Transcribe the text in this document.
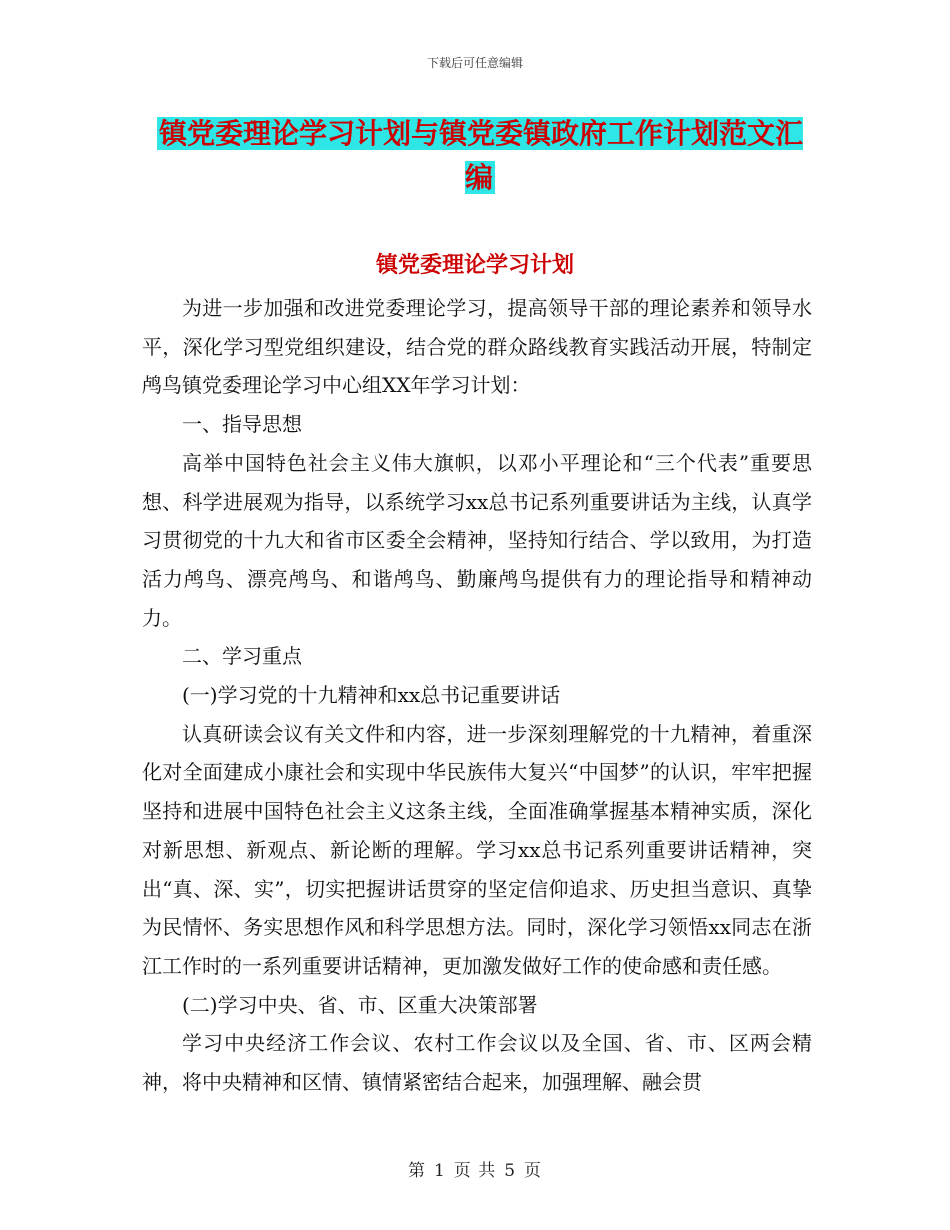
下载后可任意编辑
镇党委理论学习计划与镇党委镇政府工作计划范文汇编
镇党委理论学习计划

为进一步加强和改进党委理论学习，提高领导干部的理论素养和领导水平，深化学习型党组织建设，结合党的群众路线教育实践活动开展，特制定鸬鸟镇党委理论学习中心组XX年学习计划：

一、指导思想

高举中国特色社会主义伟大旗帜，以邓小平理论和“三个代表”重要思想、科学进展观为指导，以系统学习xx总书记系列重要讲话为主线，认真学习贯彻党的十九大和省市区委全会精神，坚持知行结合、学以致用，为打造活力鸬鸟、漂亮鸬鸟、和谐鸬鸟、勤廉鸬鸟提供有力的理论指导和精神动力。

二、学习重点

(一)学习党的十九精神和xx总书记重要讲话

认真研读会议有关文件和内容，进一步深刻理解党的十九精神，着重深化对全面建成小康社会和实现中华民族伟大复兴“中国梦”的认识，牢牢把握坚持和进展中国特色社会主义这条主线，全面准确掌握基本精神实质，深化对新思想、新观点、新论断的理解。学习xx总书记系列重要讲话精神，突出“真、深、实”，切实把握讲话贯穿的坚定信仰追求、历史担当意识、真挚为民情怀、务实思想作风和科学思想方法。同时，深化学习领悟xx同志在浙江工作时的一系列重要讲话精神，更加激发做好工作的使命感和责任感。

(二)学习中央、省、市、区重大决策部署

学习中央经济工作会议、农村工作会议以及全国、省、市、区两会精神，将中央精神和区情、镇情紧密结合起来，加强理解、融会贯

第 1 页 共 5 页
